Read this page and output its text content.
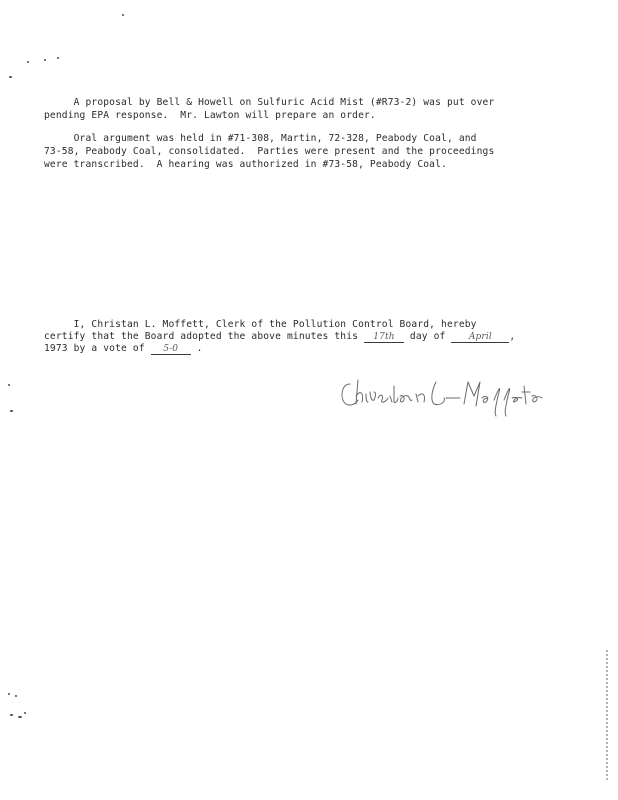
A proposal by Bell & Howell on Sulfuric Acid Mist (#R73-2) was put over
pending EPA response.  Mr. Lawton will prepare an order.
Oral argument was held in #71-308, Martin, 72-328, Peabody Coal, and
73-58, Peabody Coal, consolidated.  Parties were present and the proceedings
were transcribed.  A hearing was authorized in #73-58, Peabody Coal.
I, Christan L. Moffett, Clerk of the Pollution Control Board, hereby
certify that the Board adopted the above minutes this 17th day of April ,
1973 by a vote of 5-0 .
